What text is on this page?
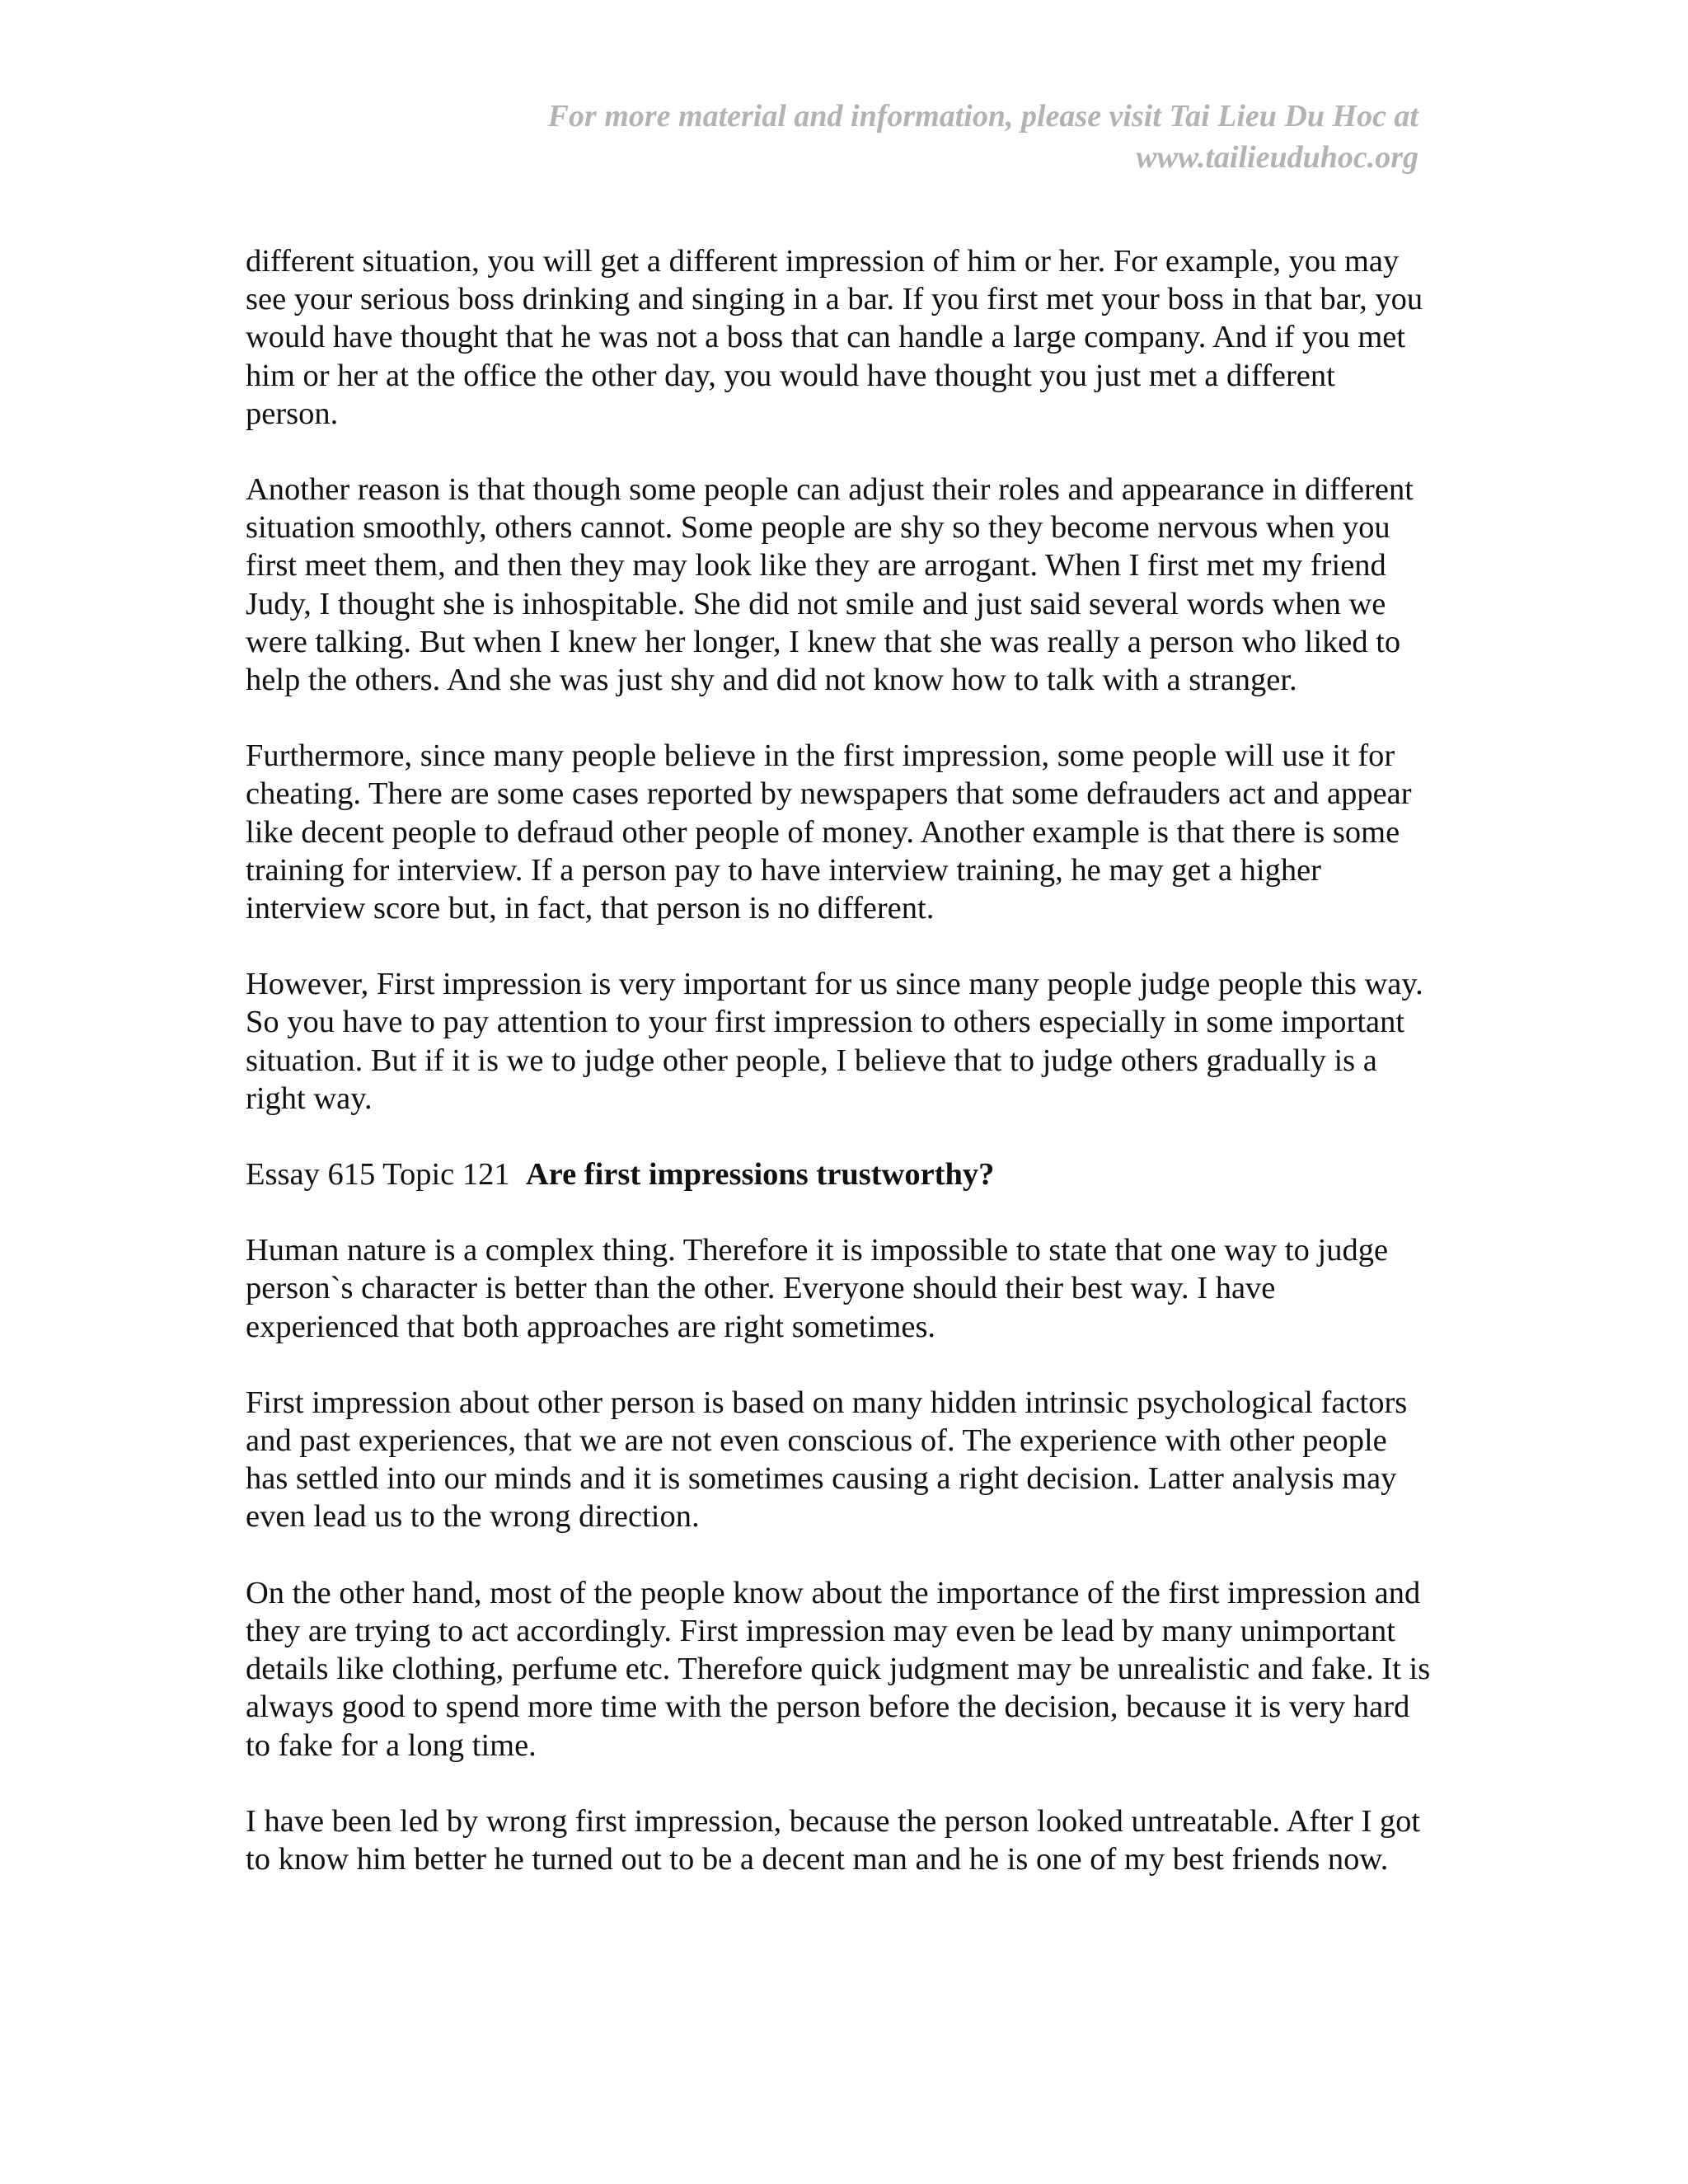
For more material and information, please visit Tai Lieu Du Hoc at
www.tailieuduhoc.org

different situation, you will get a different impression of him or her. For example, you may see your serious boss drinking and singing in a bar. If you first met your boss in that bar, you would have thought that he was not a boss that can handle a large company. And if you met him or her at the office the other day, you would have thought you just met a different person.

Another reason is that though some people can adjust their roles and appearance in different situation smoothly, others cannot. Some people are shy so they become nervous when you first meet them, and then they may look like they are arrogant. When I first met my friend Judy, I thought she is inhospitable. She did not smile and just said several words when we were talking. But when I knew her longer, I knew that she was really a person who liked to help the others. And she was just shy and did not know how to talk with a stranger.

Furthermore, since many people believe in the first impression, some people will use it for cheating. There are some cases reported by newspapers that some defrauders act and appear like decent people to defraud other people of money. Another example is that there is some training for interview. If a person pay to have interview training, he may get a higher interview score but, in fact, that person is no different.

However, First impression is very important for us since many people judge people this way. So you have to pay attention to your first impression to others especially in some important situation. But if it is we to judge other people, I believe that to judge others gradually is a right way.

Essay 615 Topic 121 Are first impressions trustworthy?

Human nature is a complex thing. Therefore it is impossible to state that one way to judge person`s character is better than the other. Everyone should their best way. I have experienced that both approaches are right sometimes.

First impression about other person is based on many hidden intrinsic psychological factors and past experiences, that we are not even conscious of. The experience with other people has settled into our minds and it is sometimes causing a right decision. Latter analysis may even lead us to the wrong direction.

On the other hand, most of the people know about the importance of the first impression and they are trying to act accordingly. First impression may even be lead by many unimportant details like clothing, perfume etc. Therefore quick judgment may be unrealistic and fake. It is always good to spend more time with the person before the decision, because it is very hard to fake for a long time.

I have been led by wrong first impression, because the person looked untreatable. After I got to know him better he turned out to be a decent man and he is one of my best friends now.
